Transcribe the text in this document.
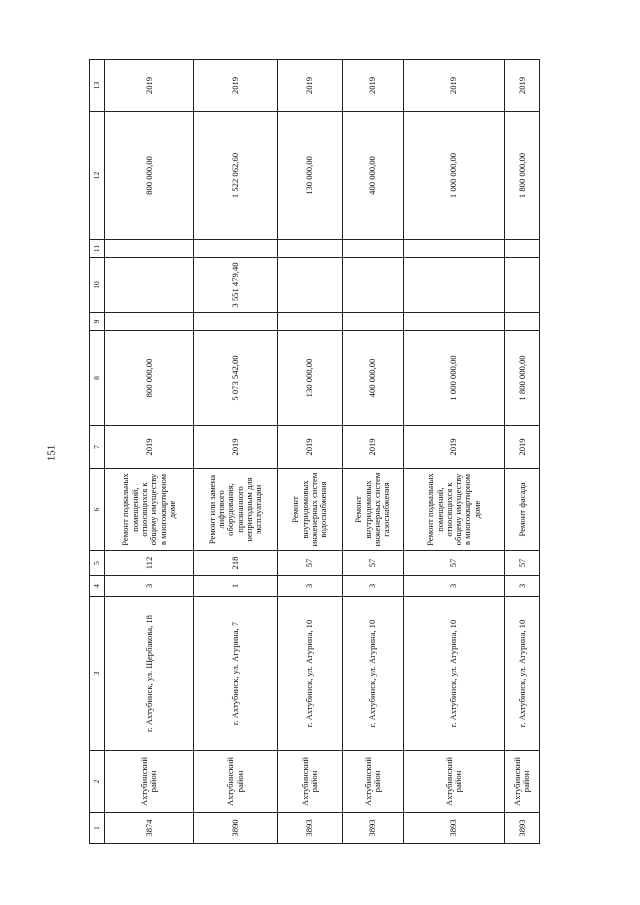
151
1	2	3	4	5	6	7	8	9	10	11	12	13
3874	Ахтубинский район	г. Ахтубинск, ул. Щербакова, 18	3	112	Ремонт подвальных помещений, относящихся к общему имуществу в многоквартирном доме	2019	800 000,00				800 000,00	2019
3890	Ахтубинский район	г. Ахтубинск, ул. Агурина, 7	1	218	Ремонт или замена лифтового оборудования, признанного непригодным для эксплуатации	2019	5 073 542,00		3 551 479,40		1 522 062,60	2019
3893	Ахтубинский район	г. Ахтубинск, ул. Агурина, 10	3	57	Ремонт внутридомовых инженерных систем водоснабжения	2019	130 000,00				130 000,00	2019
3893	Ахтубинский район	г. Ахтубинск, ул. Агурина, 10	3	57	Ремонт внутридомовых инженерных систем газоснабжения	2019	400 000,00				400 000,00	2019
3893	Ахтубинский район	г. Ахтубинск, ул. Агурина, 10	3	57	Ремонт подвальных помещений, относящихся к общему имуществу в многоквартирном доме	2019	1 000 000,00				1 000 000,00	2019
3893	Ахтубинский район	г. Ахтубинск, ул. Агурина, 10	3	57	Ремонт фасада	2019	1 800 000,00				1 800 000,00	2019
